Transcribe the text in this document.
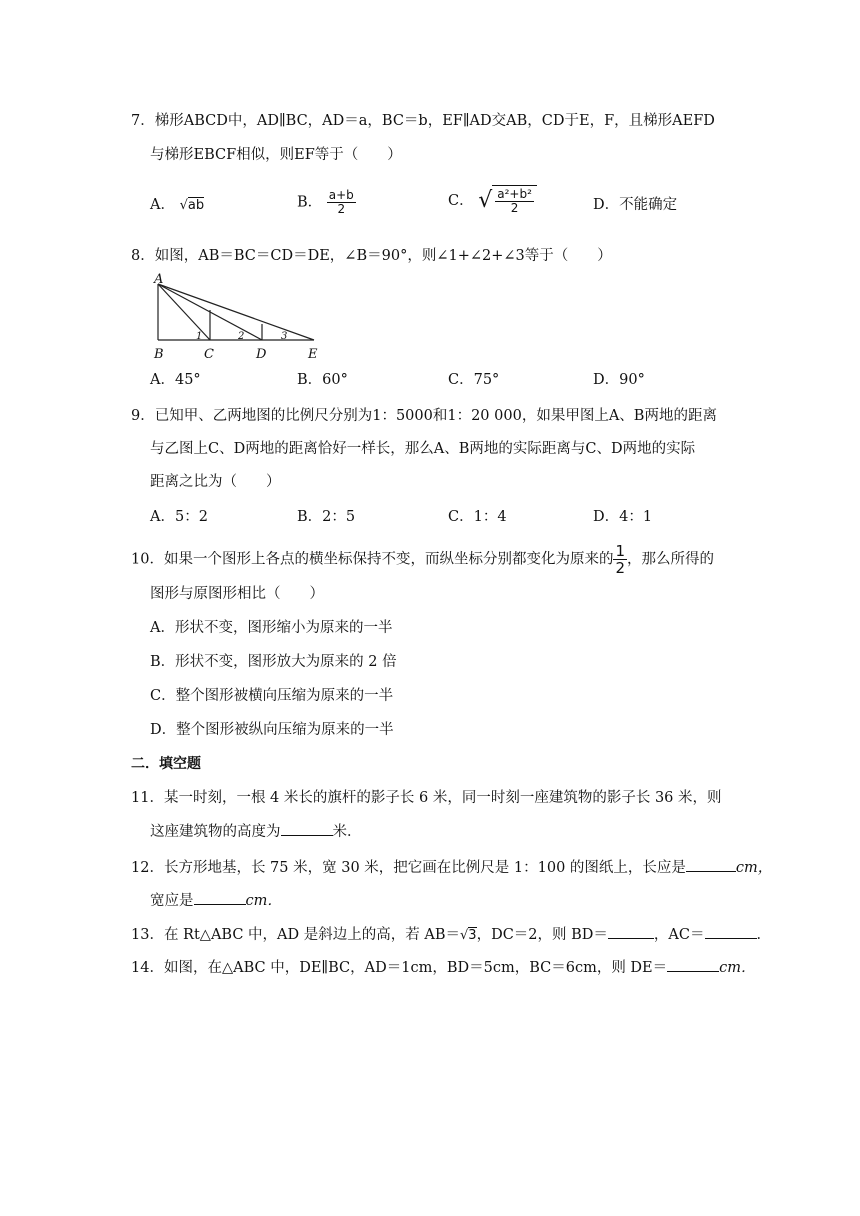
7．梯形ABCD中，AD∥BC，AD＝a，BC＝b，EF∥AD交AB，CD于E，F，且梯形AEFD
与梯形EBCF相似，则EF等于（　　）
A． √ab	B． $\frac{a+b}{2}$	C． √ $\frac{\text{a²+b²}}{2}$	D．不能确定
8．如图，AB＝BC＝CD＝DE，∠B＝90°，则∠1+∠2+∠3等于（　　）
A
B	C	D	E
1	2	3
A．45°	B．60°	C．75°	D．90°
9．已知甲、乙两地图的比例尺分别为1：5000和1：20 000，如果甲图上A、B两地的距离
与乙图上C、D两地的距离恰好一样长，那么A、B两地的实际距离与C、D两地的实际
距离之比为（　　）
A．5：2	B．2：5	C．1：4	D．4：1
10．如果一个图形上各点的横坐标保持不变，而纵坐标分别都变化为原来的 $\frac{1}{2}$ ，那么所得的
图形与原图形相比（　　）
A．形状不变，图形缩小为原来的一半
B．形状不变，图形放大为原来的 2 倍
C．整个图形被横向压缩为原来的一半
D．整个图形被纵向压缩为原来的一半
二．填空题
11．某一时刻，一根 4 米长的旗杆的影子长 6 米，同一时刻一座建筑物的影子长 36 米，则
这座建筑物的高度为	米．
12．长方形地基，长 75 米，宽 30 米，把它画在比例尺是 1：100 的图纸上，长应是	cm，
宽应是	cm．
13．在 Rt△ABC 中，AD 是斜边上的高，若 AB＝√3，DC＝2，则 BD＝	，AC＝	．
14．如图，在△ABC 中，DE∥BC，AD＝1cm，BD＝5cm，BC＝6cm，则 DE＝	cm．
